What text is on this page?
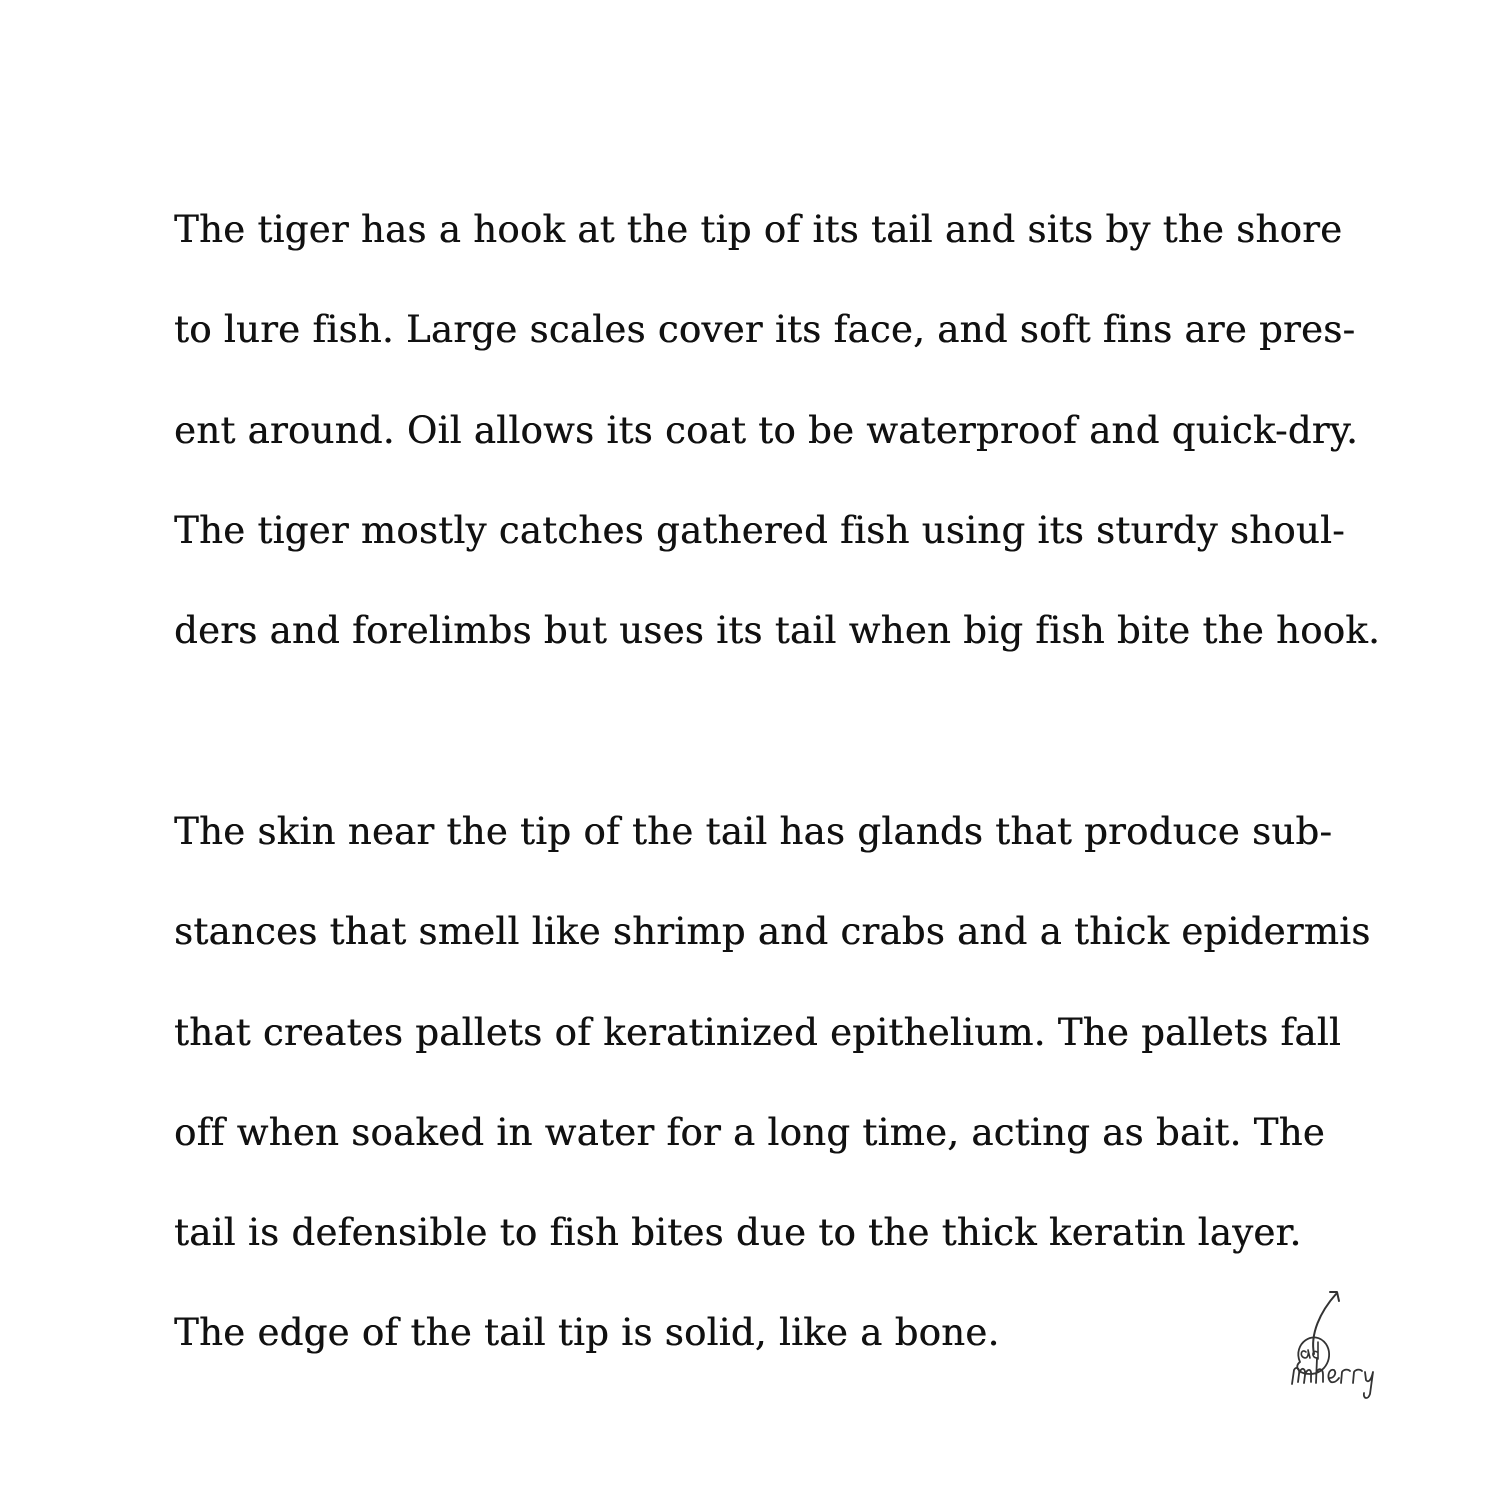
The tiger has a hook at the tip of its tail and sits by the shore
to lure fish. Large scales cover its face, and soft fins are pres-
ent around. Oil allows its coat to be waterproof and quick-dry.
The tiger mostly catches gathered fish using its sturdy shoul-
ders and forelimbs but uses its tail when big fish bite the hook.
The skin near the tip of the tail has glands that produce sub-
stances that smell like shrimp and crabs and a thick epidermis
that creates pallets of keratinized epithelium. The pallets fall
off when soaked in water for a long time, acting as bait. The
tail is defensible to fish bites due to the thick keratin layer.
The edge of the tail tip is solid, like a bone.
